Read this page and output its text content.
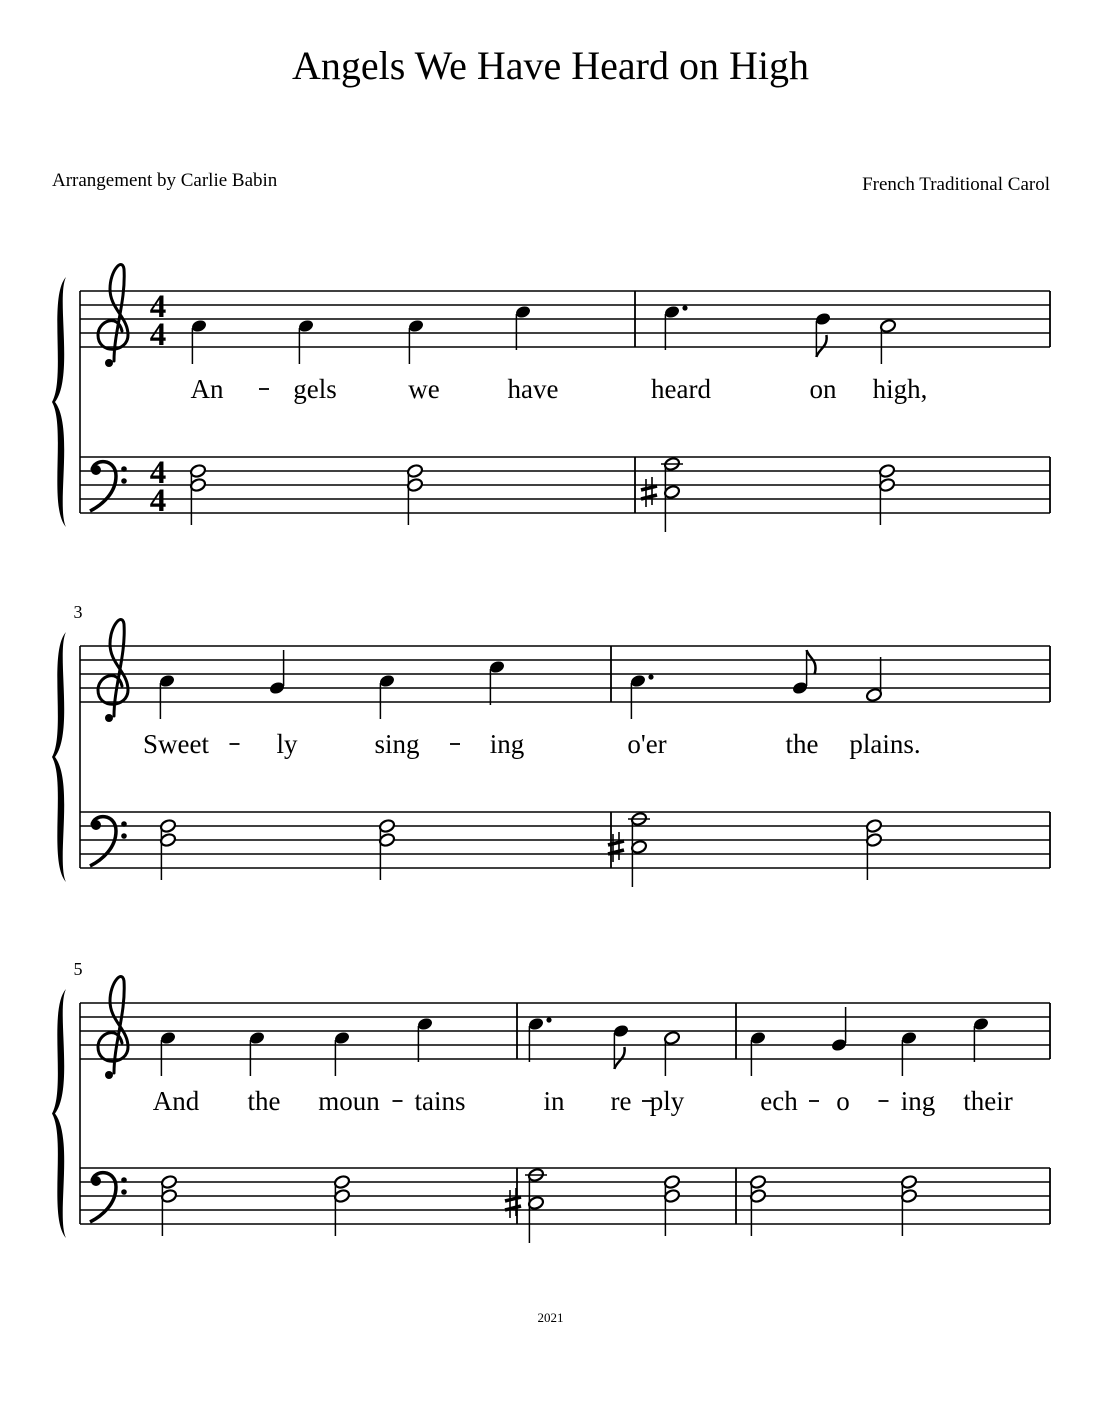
Angels We Have Heard on High
Arrangement by Carlie Babin	French Traditional Carol
4
4
4
4
An	gels	we	have	heard	on high,
3
Sweet	ly	sing	ing	o'er	the plains.
5
And the moun tains	in re ply	ech o ing their
2021
